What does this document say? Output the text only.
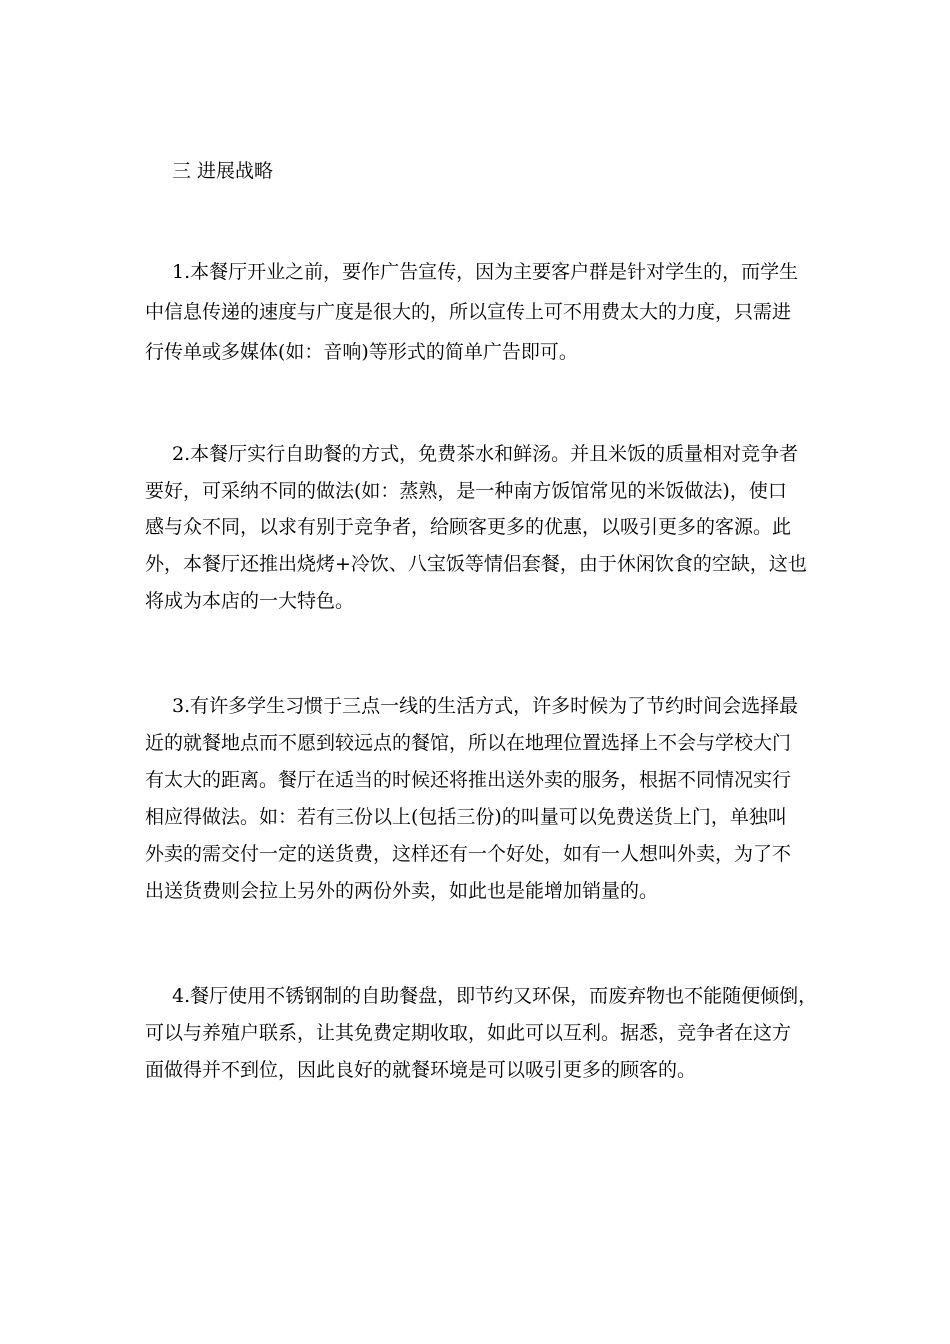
三 进展战略
1.本餐厅开业之前，要作广告宣传，因为主要客户群是针对学生的，而学生
中信息传递的速度与广度是很大的，所以宣传上可不用费太大的力度，只需进
行传单或多媒体(如：音响)等形式的简单广告即可。
2.本餐厅实行自助餐的方式，免费茶水和鲜汤。并且米饭的质量相对竞争者
要好，可采纳不同的做法(如：蒸熟，是一种南方饭馆常见的米饭做法)，使口
感与众不同，以求有别于竞争者，给顾客更多的优惠，以吸引更多的客源。此
外，本餐厅还推出烧烤+冷饮、八宝饭等情侣套餐，由于休闲饮食的空缺，这也
将成为本店的一大特色。
3.有许多学生习惯于三点一线的生活方式，许多时候为了节约时间会选择最
近的就餐地点而不愿到较远点的餐馆，所以在地理位置选择上不会与学校大门
有太大的距离。餐厅在适当的时候还将推出送外卖的服务，根据不同情况实行
相应得做法。如：若有三份以上(包括三份)的叫量可以免费送货上门，单独叫
外卖的需交付一定的送货费，这样还有一个好处，如有一人想叫外卖，为了不
出送货费则会拉上另外的两份外卖，如此也是能增加销量的。
4.餐厅使用不锈钢制的自助餐盘，即节约又环保，而废弃物也不能随便倾倒，
可以与养殖户联系，让其免费定期收取，如此可以互利。据悉，竞争者在这方
面做得并不到位，因此良好的就餐环境是可以吸引更多的顾客的。
